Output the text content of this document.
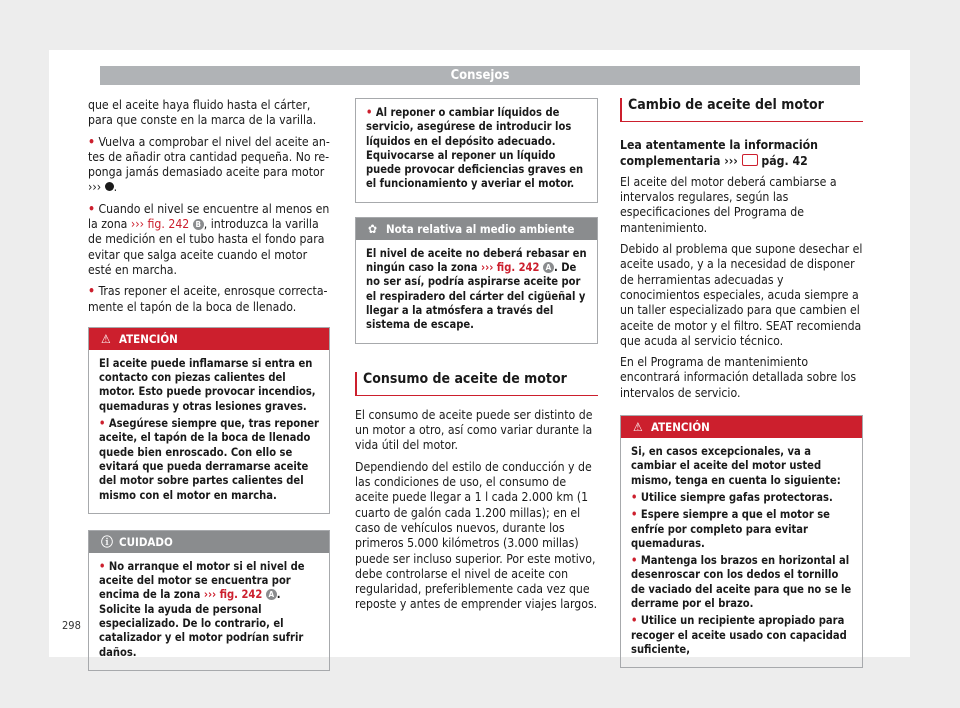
Consejos

que el aceite haya fluido hasta el cárter, para que conste en la marca de la varilla.

• Vuelva a comprobar el nivel del aceite antes de añadir otra cantidad pequeña. No reponga jamás demasiado aceite para motor ››› .

• Cuando el nivel se encuentre al menos en la zona ››› fig. 242 B , introduzca la varilla de medición en el tubo hasta el fondo para evitar que salga aceite cuando el motor esté en marcha.

• Tras reponer el aceite, enrosque correctamente el tapón de la boca de llenado.

⚠ ATENCIÓN

El aceite puede inflamarse si entra en contacto con piezas calientes del motor. Esto puede provocar incendios, quemaduras y otras lesiones graves.

• Asegúrese siempre que, tras reponer aceite, el tapón de la boca de llenado quede bien enroscado. Con ello se evitará que pueda derramarse aceite del motor sobre partes calientes del mismo con el motor en marcha.

ⓘ CUIDADO

• No arranque el motor si el nivel de aceite del motor se encuentra por encima de la zona ››› fig. 242 A . Solicite la ayuda de personal especializado. De lo contrario, el catalizador y el motor podrían sufrir daños.

• Al reponer o cambiar líquidos de servicio, asegúrese de introducir los líquidos en el depósito adecuado. Equivocarse al reponer un líquido puede provocar deficiencias graves en el funcionamiento y averiar el motor.

✿ Nota relativa al medio ambiente

El nivel de aceite no deberá rebasar en ningún caso la zona ››› fig. 242 A . De no ser así, podría aspirarse aceite por el respiradero del cárter del cigüeñal y llegar a la atmósfera a través del sistema de escape.

Consumo de aceite de motor

El consumo de aceite puede ser distinto de un motor a otro, así como variar durante la vida útil del motor.

Dependiendo del estilo de conducción y de las condiciones de uso, el consumo de aceite puede llegar a 1 l cada 2.000 km (1 cuarto de galón cada 1.200 millas); en el caso de vehículos nuevos, durante los primeros 5.000 kilómetros (3.000 millas) puede ser incluso superior. Por este motivo, debe controlarse el nivel de aceite con regularidad, preferiblemente cada vez que reposte y antes de emprender viajes largos.

Cambio de aceite del motor

Lea atentamente la información complementaria ››› pág. 42

El aceite del motor deberá cambiarse a intervalos regulares, según las especificaciones del Programa de mantenimiento.

Debido al problema que supone desechar el aceite usado, y a la necesidad de disponer de herramientas adecuadas y conocimientos especiales, acuda siempre a un taller especializado para que cambien el aceite de motor y el filtro. SEAT recomienda que acuda al servicio técnico.

En el Programa de mantenimiento encontrará información detallada sobre los intervalos de servicio.

⚠ ATENCIÓN

Si, en casos excepcionales, va a cambiar el aceite del motor usted mismo, tenga en cuenta lo siguiente:

• Utilice siempre gafas protectoras.

• Espere siempre a que el motor se enfríe por completo para evitar quemaduras.

• Mantenga los brazos en horizontal al desenroscar con los dedos el tornillo de vaciado del aceite para que no se le derrame por el brazo.

• Utilice un recipiente apropiado para recoger el aceite usado con capacidad suficiente,

298
